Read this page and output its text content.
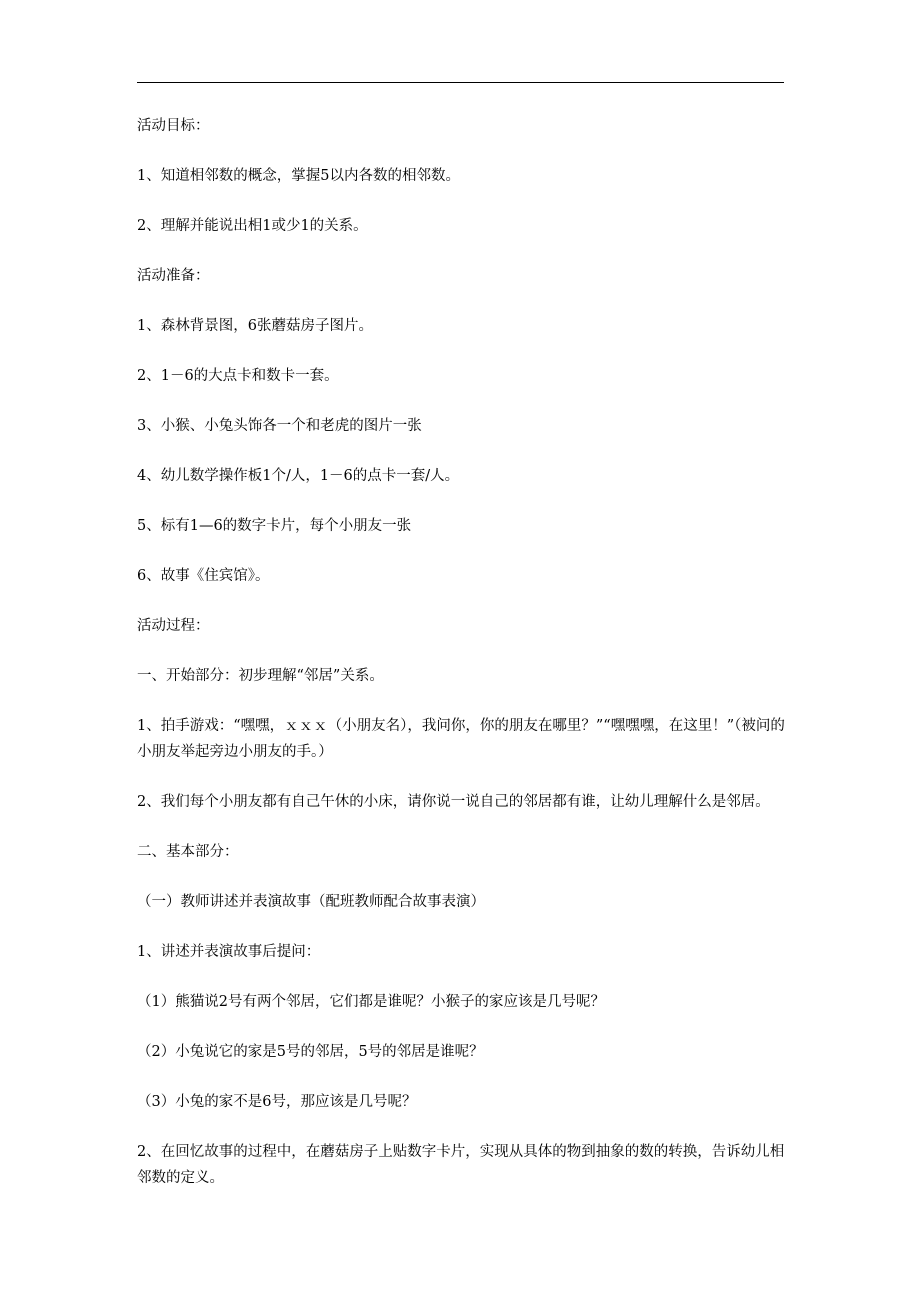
活动目标：

1、知道相邻数的概念，掌握5以内各数的相邻数。

2、理解并能说出相1或少1的关系。

活动准备：

1、森林背景图，6张蘑菇房子图片。

2、1－6的大点卡和数卡一套。

3、小猴、小兔头饰各一个和老虎的图片一张

4、幼儿数学操作板1个/人，1－6的点卡一套/人。

5、标有1—6的数字卡片，每个小朋友一张

6、故事《住宾馆》。

活动过程：

一、开始部分：初步理解“邻居”关系。

1、拍手游戏：“嘿嘿，ｘｘｘ（小朋友名），我问你，你的朋友在哪里？”“嘿嘿嘿，在这里！”（被问的小朋友举起旁边小朋友的手。）

2、我们每个小朋友都有自己午休的小床，请你说一说自己的邻居都有谁，让幼儿理解什么是邻居。

二、基本部分：

（一）教师讲述并表演故事（配班教师配合故事表演）

1、讲述并表演故事后提问：

（1）熊猫说2号有两个邻居，它们都是谁呢？小猴子的家应该是几号呢？

（2）小兔说它的家是5号的邻居，5号的邻居是谁呢？

（3）小兔的家不是6号，那应该是几号呢？

2、在回忆故事的过程中，在蘑菇房子上贴数字卡片，实现从具体的物到抽象的数的转换，告诉幼儿相邻数的定义。
